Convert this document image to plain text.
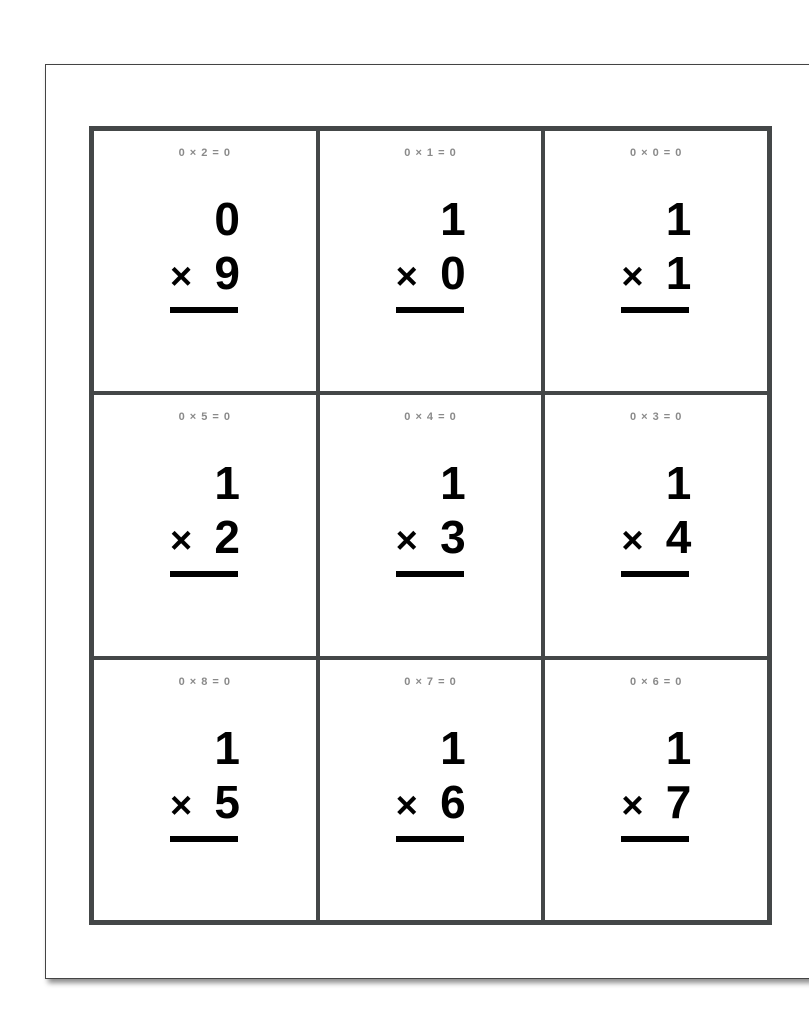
0 × 2 = 0
0
× 9
0 × 1 = 0
1
× 0
0 × 0 = 0
1
× 1
0 × 5 = 0
1
× 2
0 × 4 = 0
1
× 3
0 × 3 = 0
1
× 4
0 × 8 = 0
1
× 5
0 × 7 = 0
1
× 6
0 × 6 = 0
1
× 7
